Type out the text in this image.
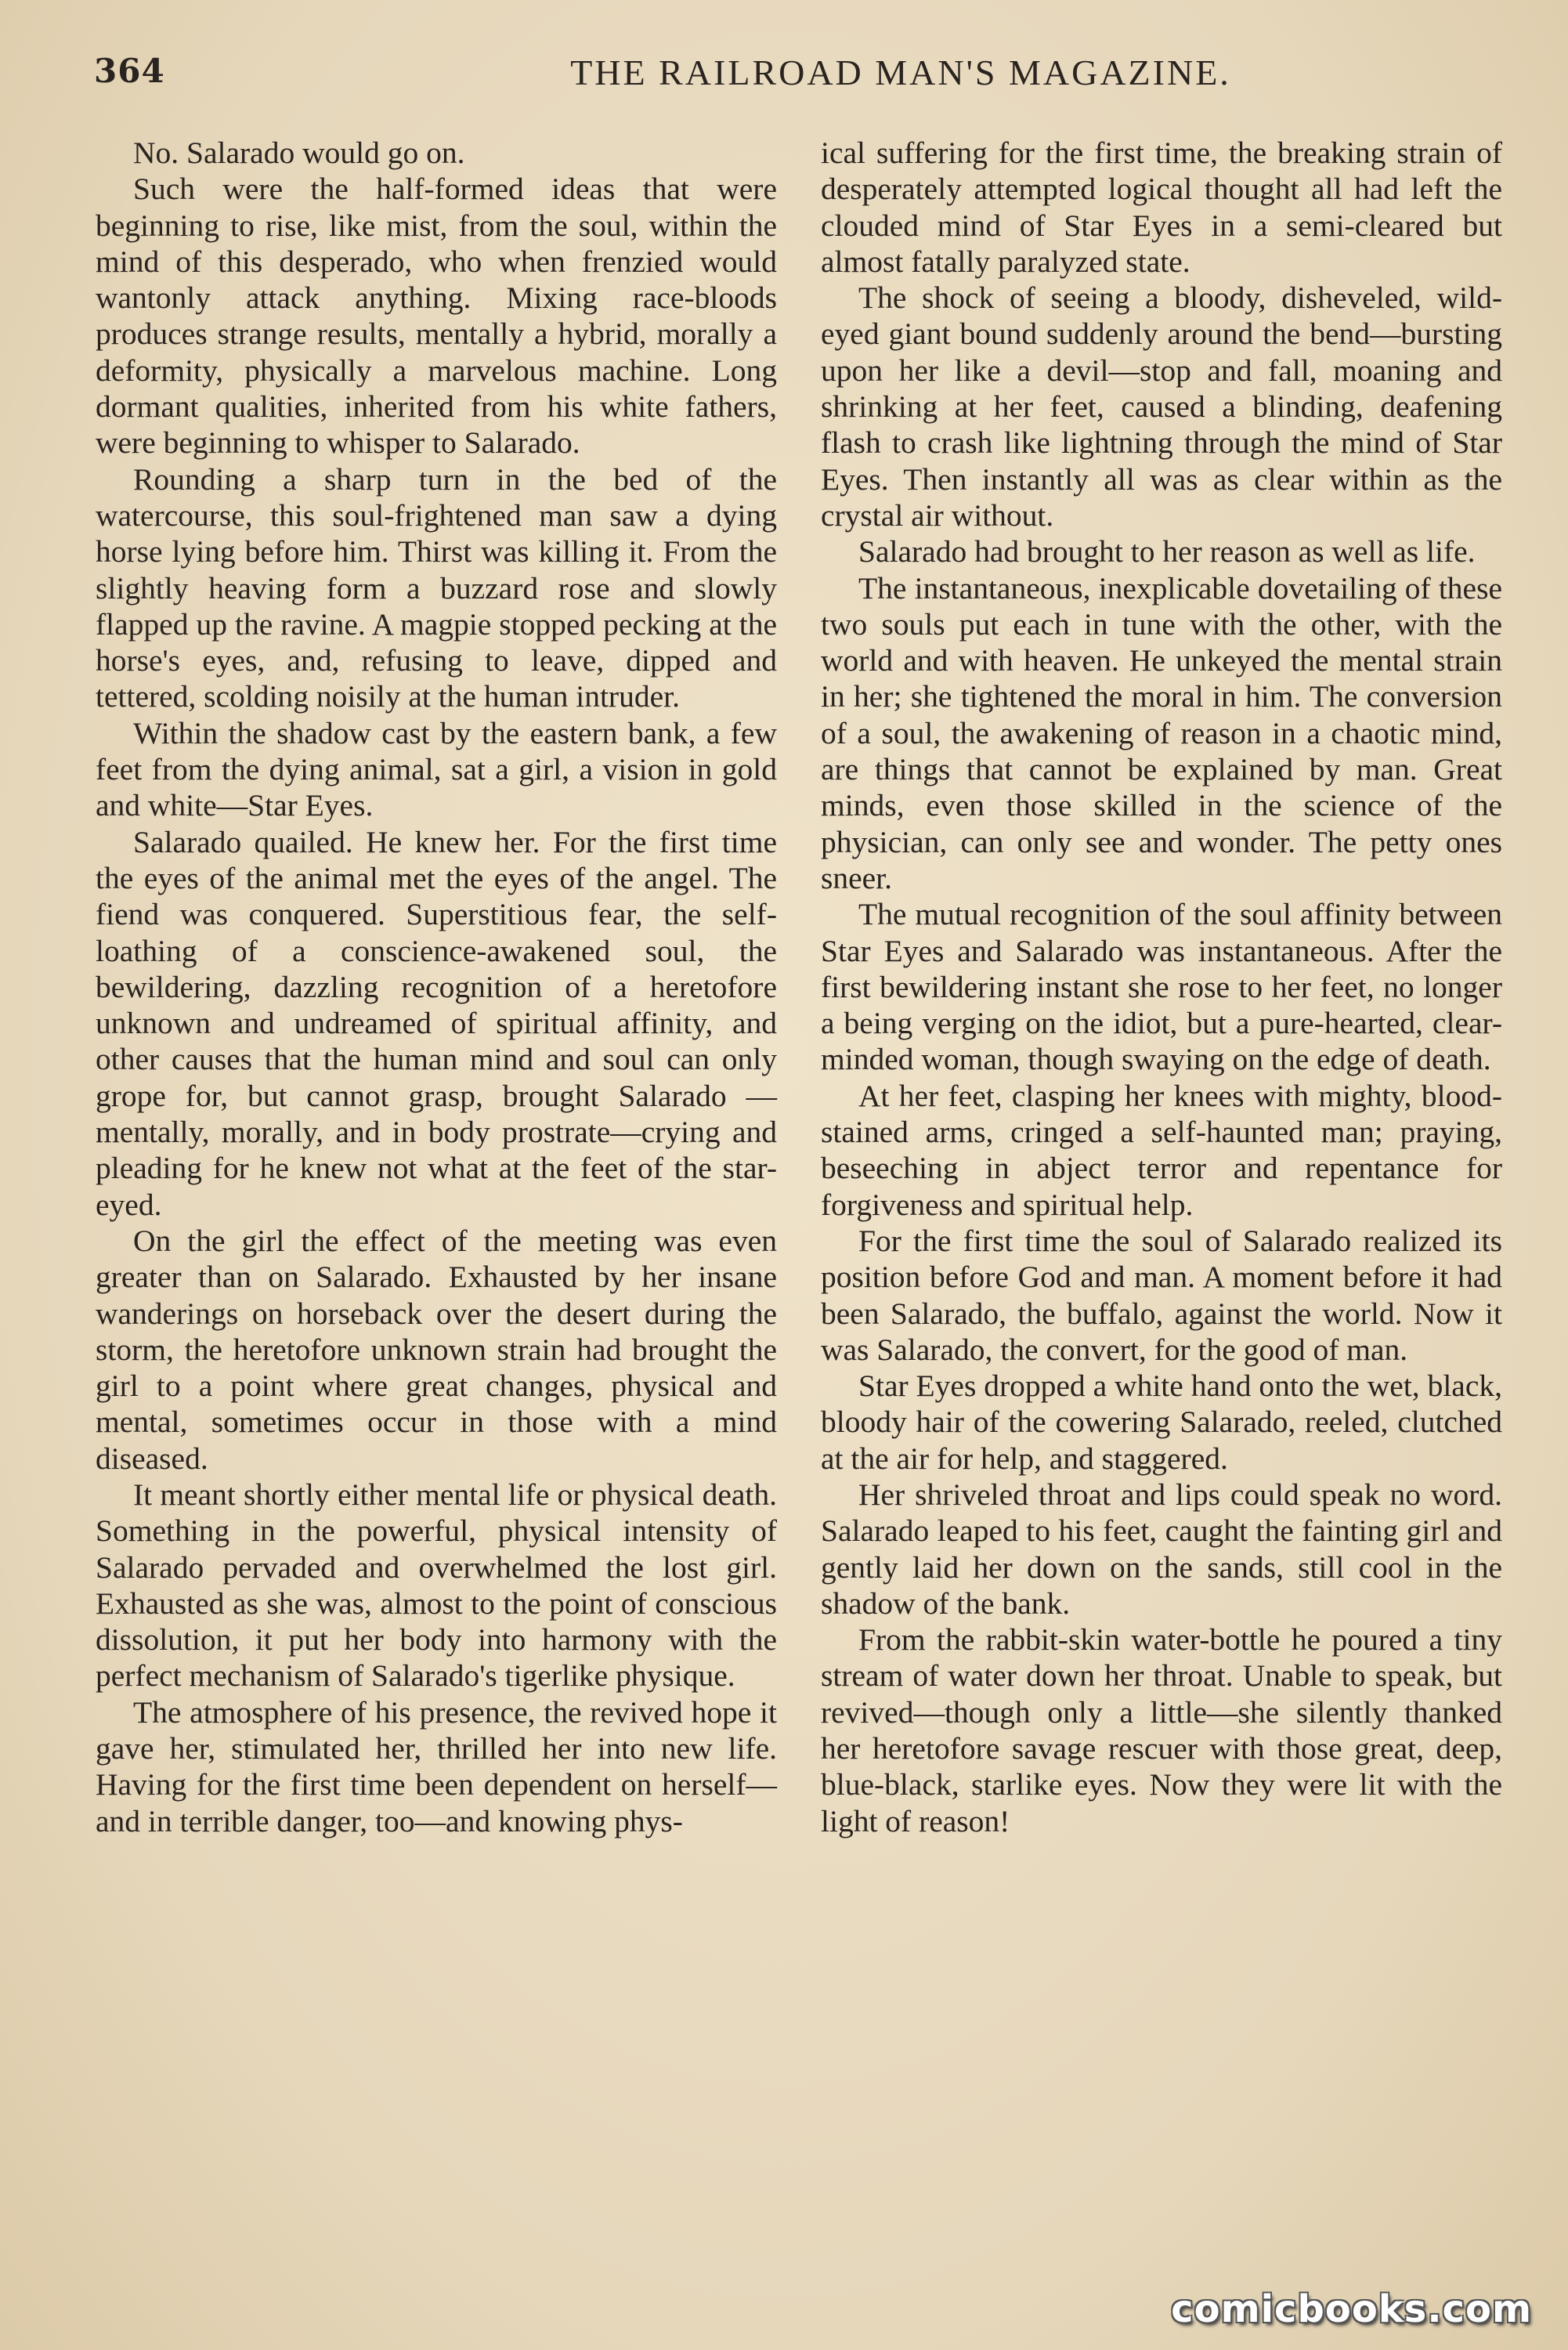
364	THE RAILROAD MAN'S MAGAZINE.

No. Salarado would go on.

Such were the half-formed ideas that were beginning to rise, like mist, from the soul, within the mind of this desperado, who when frenzied would wantonly attack anything. Mixing race-bloods produces strange results, mentally a hybrid, morally a deformity, physically a marvelous machine. Long dormant qualities, inherited from his white fathers, were beginning to whisper to Salarado.

Rounding a sharp turn in the bed of the watercourse, this soul-frightened man saw a dying horse lying before him. Thirst was killing it. From the slightly heaving form a buzzard rose and slowly flapped up the ravine. A magpie stopped pecking at the horse's eyes, and, refusing to leave, dipped and tettered, scolding noisily at the human intruder.

Within the shadow cast by the eastern bank, a few feet from the dying animal, sat a girl, a vision in gold and white—Star Eyes.

Salarado quailed. He knew her. For the first time the eyes of the animal met the eyes of the angel. The fiend was conquered. Superstitious fear, the self-loathing of a conscience-awakened soul, the bewildering, dazzling recognition of a heretofore unknown and undreamed of spiritual affinity, and other causes that the human mind and soul can only grope for, but cannot grasp, brought Salarado — mentally, morally, and in body prostrate—crying and pleading for he knew not what at the feet of the star-eyed.

On the girl the effect of the meeting was even greater than on Salarado. Exhausted by her insane wanderings on horseback over the desert during the storm, the heretofore unknown strain had brought the girl to a point where great changes, physical and mental, sometimes occur in those with a mind diseased.

It meant shortly either mental life or physical death. Something in the powerful, physical intensity of Salarado pervaded and overwhelmed the lost girl. Exhausted as she was, almost to the point of conscious dissolution, it put her body into harmony with the perfect mechanism of Salarado's tigerlike physique.

The atmosphere of his presence, the revived hope it gave her, stimulated her, thrilled her into new life. Having for the first time been dependent on herself—and in terrible danger, too—and knowing phys-

ical suffering for the first time, the breaking strain of desperately attempted logical thought all had left the clouded mind of Star Eyes in a semi-cleared but almost fatally paralyzed state.

The shock of seeing a bloody, disheveled, wild-eyed giant bound suddenly around the bend—bursting upon her like a devil—stop and fall, moaning and shrinking at her feet, caused a blinding, deafening flash to crash like lightning through the mind of Star Eyes. Then instantly all was as clear within as the crystal air without.

Salarado had brought to her reason as well as life.

The instantaneous, inexplicable dovetailing of these two souls put each in tune with the other, with the world and with heaven. He unkeyed the mental strain in her; she tightened the moral in him. The conversion of a soul, the awakening of reason in a chaotic mind, are things that cannot be explained by man. Great minds, even those skilled in the science of the physician, can only see and wonder. The petty ones sneer.

The mutual recognition of the soul affinity between Star Eyes and Salarado was instantaneous. After the first bewildering instant she rose to her feet, no longer a being verging on the idiot, but a pure-hearted, clear-minded woman, though swaying on the edge of death.

At her feet, clasping her knees with mighty, blood-stained arms, cringed a self-haunted man; praying, beseeching in abject terror and repentance for forgiveness and spiritual help.

For the first time the soul of Salarado realized its position before God and man. A moment before it had been Salarado, the buffalo, against the world. Now it was Salarado, the convert, for the good of man.

Star Eyes dropped a white hand onto the wet, black, bloody hair of the cowering Salarado, reeled, clutched at the air for help, and staggered.

Her shriveled throat and lips could speak no word. Salarado leaped to his feet, caught the fainting girl and gently laid her down on the sands, still cool in the shadow of the bank.

From the rabbit-skin water-bottle he poured a tiny stream of water down her throat. Unable to speak, but revived—though only a little—she silently thanked her heretofore savage rescuer with those great, deep, blue-black, starlike eyes. Now they were lit with the light of reason!

comicbooks.com
